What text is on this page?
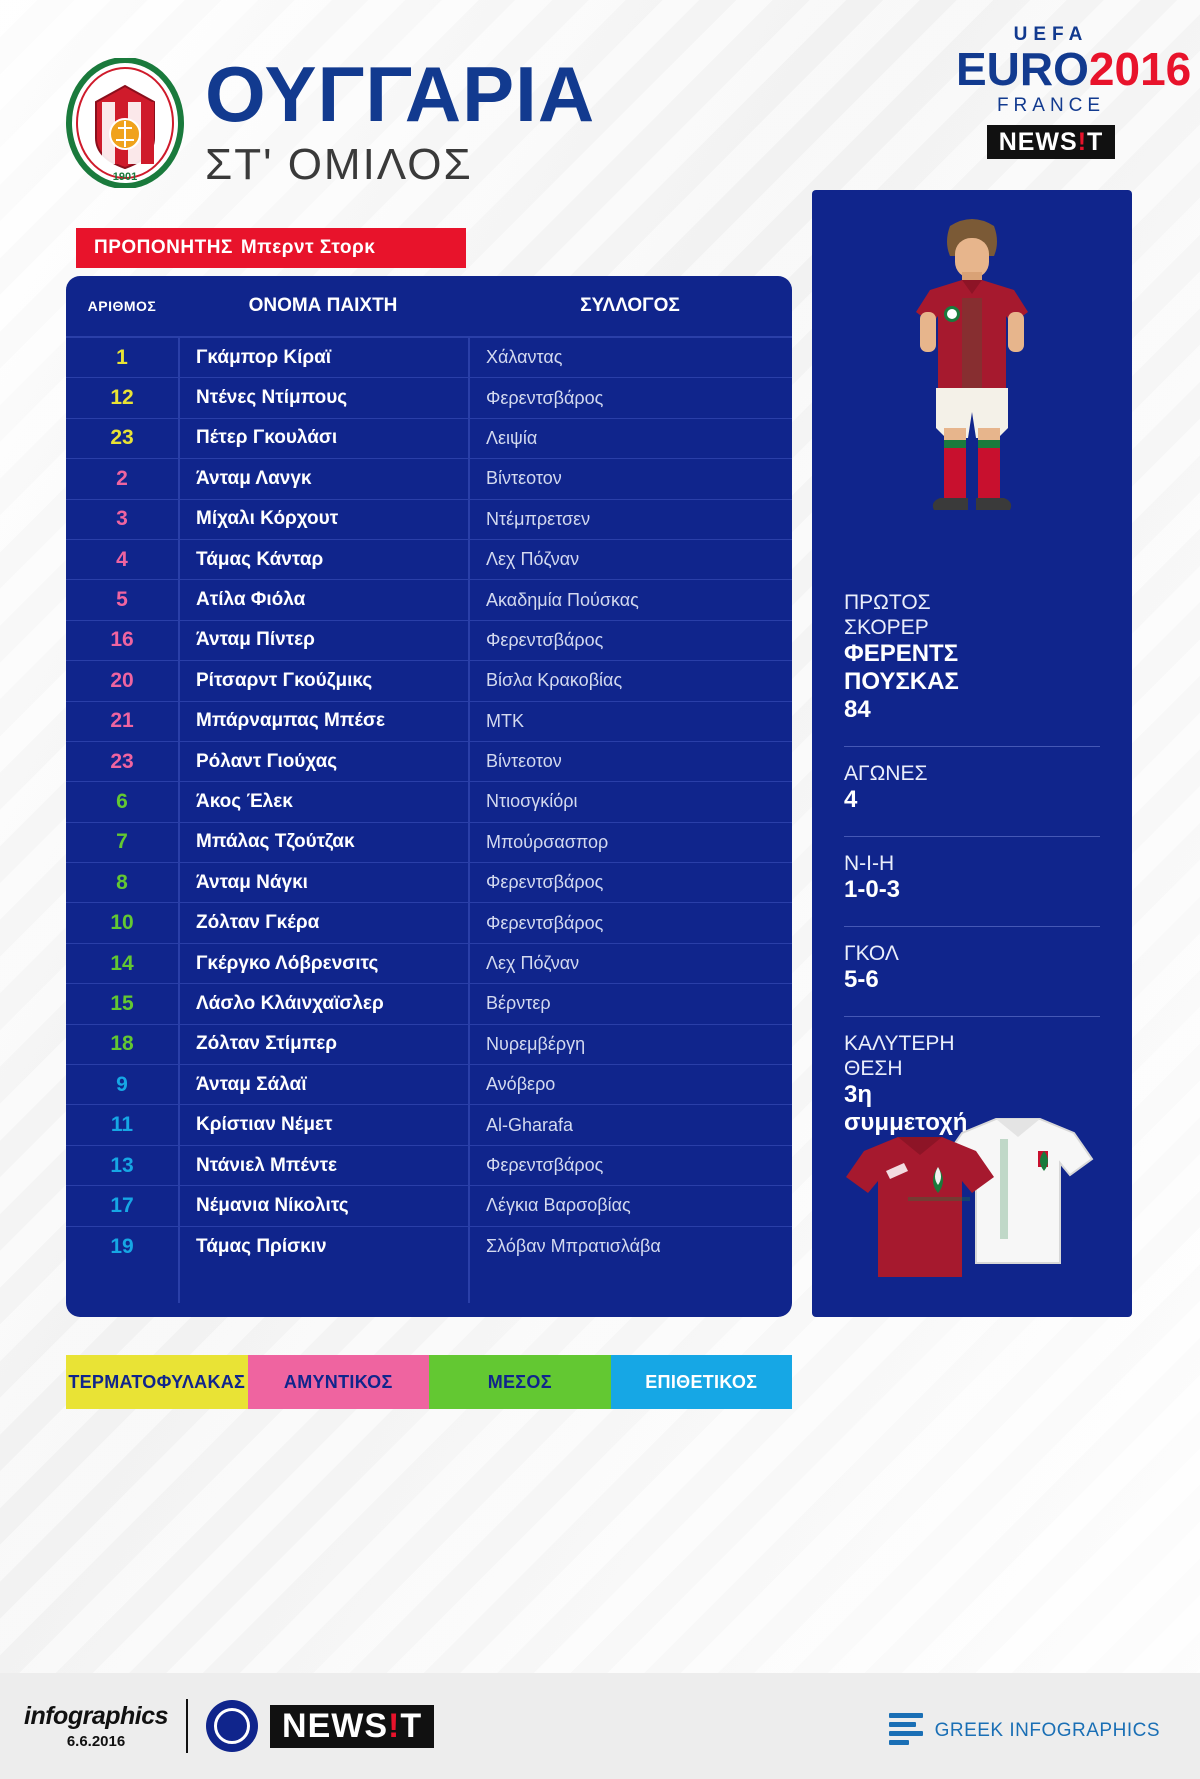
1901
ΟΥΓΓΑΡΙΑ
ΣΤ' ΟΜΙΛΟΣ
UEFA
EURO2016
FRANCE
NEWS ! T
ΠΡΟΠΟΝΗΤΗΣ Μπερντ Στορκ
ΑΡΙΘΜΟΣ	ΟΝΟΜΑ ΠΑΙΧΤΗ	ΣΥΛΛΟΓΟΣ
1	Γκάμπορ Κίραϊ	Χάλαντας
12	Ντένες Ντίμπους	Φερεντσβάρος
23	Πέτερ Γκουλάσι	Λειψία
2	Άνταμ Λανγκ	Βίντεοτον
3	Μίχαλι Κόρχουτ	Ντέμπρετσεν
4	Τάμας Κάνταρ	Λεχ Πόζναν
5	Ατίλα Φιόλα	Ακαδημία Πούσκας
16	Άνταμ Πίντερ	Φερεντσβάρος
20	Ρίτσαρντ Γκούζμικς	Βίσλα Κρακοβίας
21	Μπάρναμπας Μπέσε	ΜΤΚ
23	Ρόλαντ Γιούχας	Βίντεοτον
6	Άκος Έλεκ	Ντιοσγκίόρι
7	Μπάλας Τζούτζακ	Μπούρσασπορ
8	Άνταμ Νάγκι	Φερεντσβάρος
10	Ζόλταν Γκέρα	Φερεντσβάρος
14	Γκέργκο Λόβρενσιτς	Λεχ Πόζναν
15	Λάσλο Κλάινχαϊσλερ	Βέρντερ
18	Ζόλταν Στίμπερ	Νυρεμβέργη
9	Άνταμ Σάλαϊ	Ανόβερο
11	Κρίστιαν Νέμετ	Al-Gharafa
13	Ντάνιελ Μπέντε	Φερεντσβάρος
17	Νέμανια Νίκολιτς	Λέγκια Βαρσοβίας
19	Τάμας Πρίσκιν	Σλόβαν Μπρατισλάβα
ΠΡΩΤΟΣ
ΣΚΟΡΕΡ
ΦΕΡΕΝΤΣ
ΠΟΥΣΚΑΣ
84
ΑΓΩΝΕΣ
4
Ν-Ι-Η
1-0-3
ΓΚΟΛ
5-6
ΚΑΛΥΤΕΡΗ
ΘΕΣΗ
3η
συμμετοχή
ΤΕΡΜΑΤΟΦΥΛΑΚΑΣ	ΑΜΥΝΤΙΚΟΣ	ΜΕΣΟΣ	ΕΠΙΘΕΤΙΚΟΣ
infographics
6.6.2016	NEWS!T	GREEK INFOGRAPHICS
